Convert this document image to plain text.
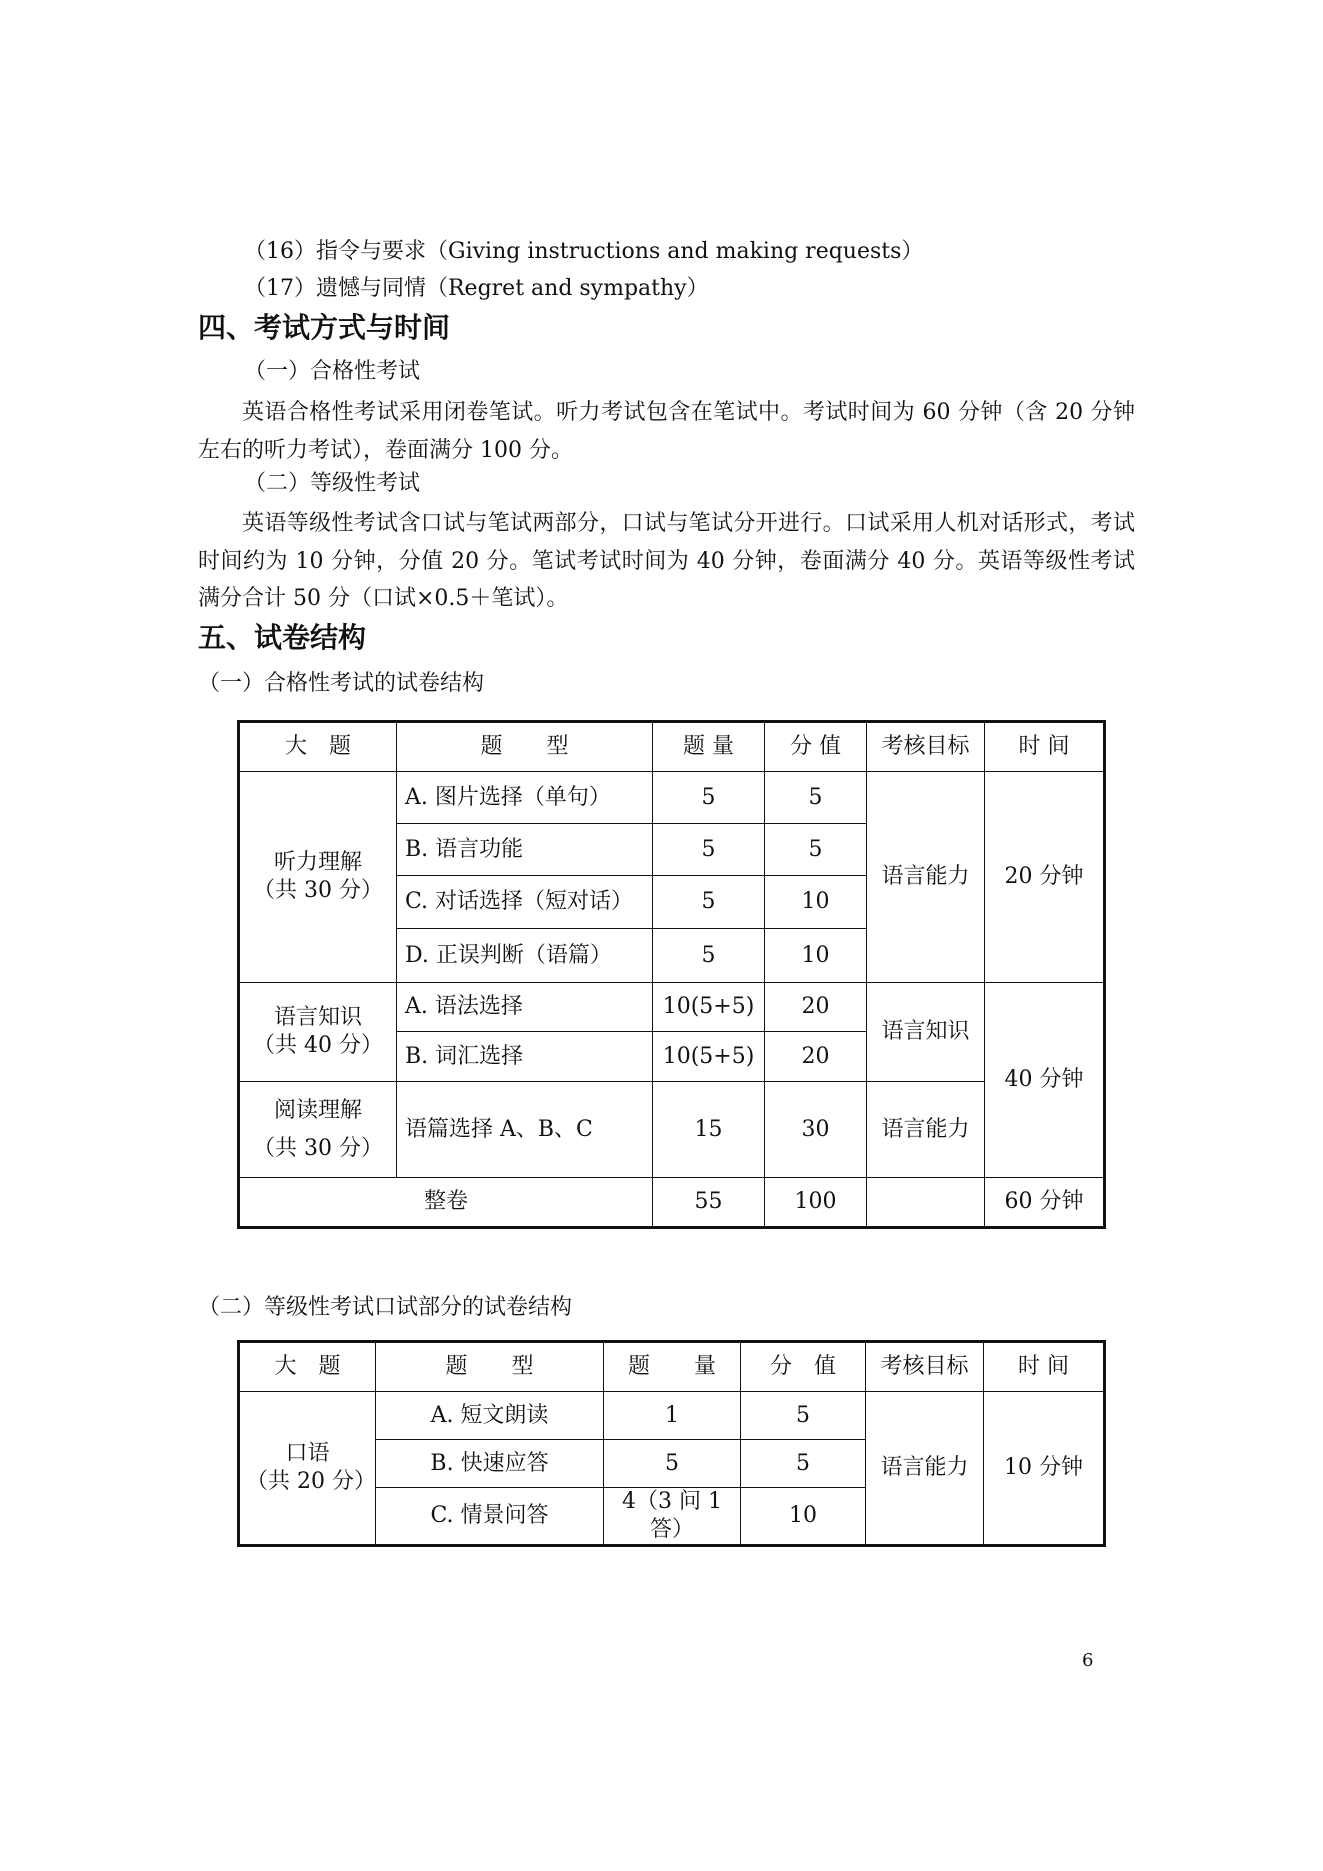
（16）指令与要求（Giving instructions and making requests）
（17）遗憾与同情（Regret and sympathy）
四、考试方式与时间
（一）合格性考试
英语合格性考试采用闭卷笔试。听力考试包含在笔试中。考试时间为 60 分钟（含 20 分钟左右的听力考试），卷面满分 100 分。
（二）等级性考试
英语等级性考试含口试与笔试两部分，口试与笔试分开进行。口试采用人机对话形式，考试时间约为 10 分钟，分值 20 分。笔试考试时间为 40 分钟，卷面满分 40 分。英语等级性考试满分合计 50 分（口试×0.5＋笔试）。
五、试卷结构
（一）合格性考试的试卷结构
大　题	题　　型	题 量	分 值	考核目标	时 间

听力理解
（共 30 分）	A. 图片选择（单句）	5	5	语言能力	20 分钟
	B. 语言功能	5	5		
	C. 对话选择（短对话）	5	10		
	D. 正误判断（语篇）	5	10		

语言知识
（共 40 分）	A. 语法选择	10(5+5)	20	语言知识	40 分钟
	B. 词汇选择	10(5+5)	20		

阅读理解
（共 30 分）	语篇选择 A、B、C	15	30	语言能力	
整卷		55	100		60 分钟
（二）等级性考试口试部分的试卷结构
大　题	题　　型	题　　量	分　值	考核目标	时 间

口语
（共 20 分）	A. 短文朗读	1	5	语言能力	10 分钟
	B. 快速应答	5	5		
	C. 情景问答	4（3 问 1 答）	10		
6
